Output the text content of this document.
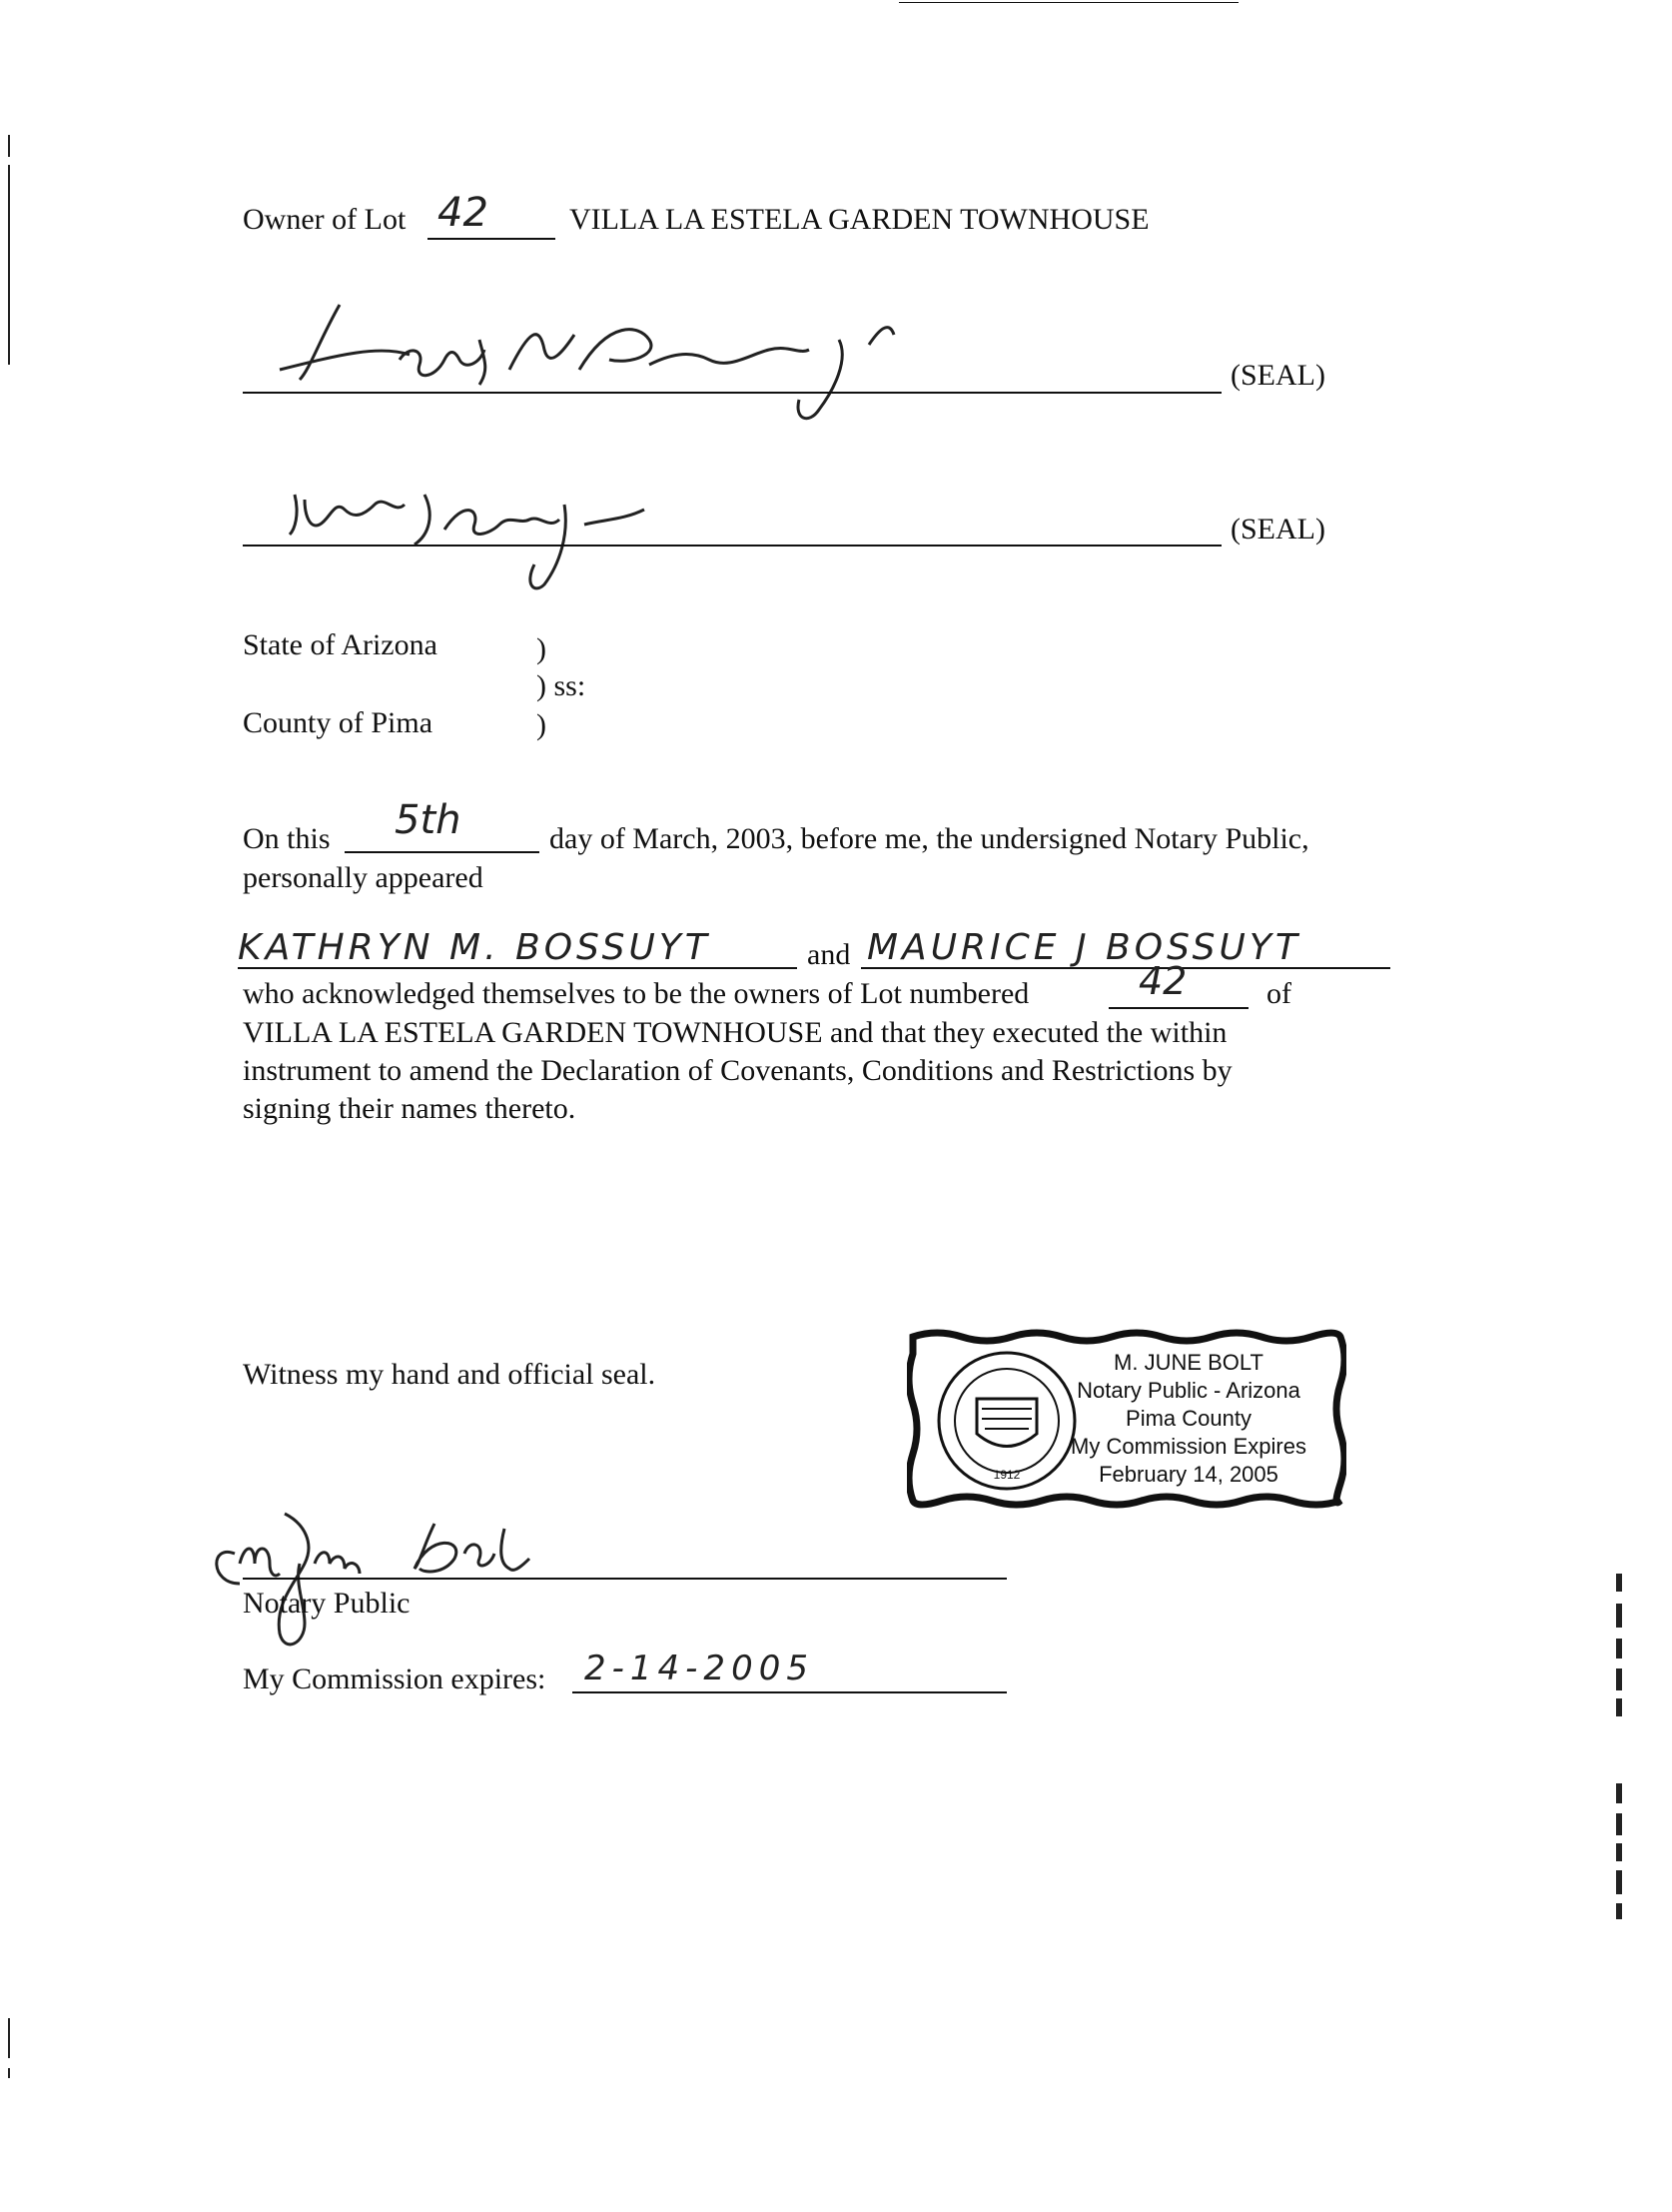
Owner of Lot 42	VILLA LA ESTELA GARDEN TOWNHOUSE
(SEAL)
(SEAL)
State of Arizona	)
) ss:
County of Pima	)
On this 5th	day of March, 2003, before me, the undersigned Notary Public,
personally appeared
KATHRYN M. BOSSUYT	and MAURICE J BOSSUYT
who acknowledged themselves to be the owners of Lot numbered	42	of
VILLA LA ESTELA GARDEN TOWNHOUSE and that they executed the within
instrument to amend the Declaration of Covenants, Conditions and Restrictions by
signing their names thereto.
Witness my hand and official seal.
1912
M. JUNE BOLT
Notary Public - Arizona
Pima County
My Commission Expires
February 14, 2005
Notary Public
My Commission expires: 2-14-2005
